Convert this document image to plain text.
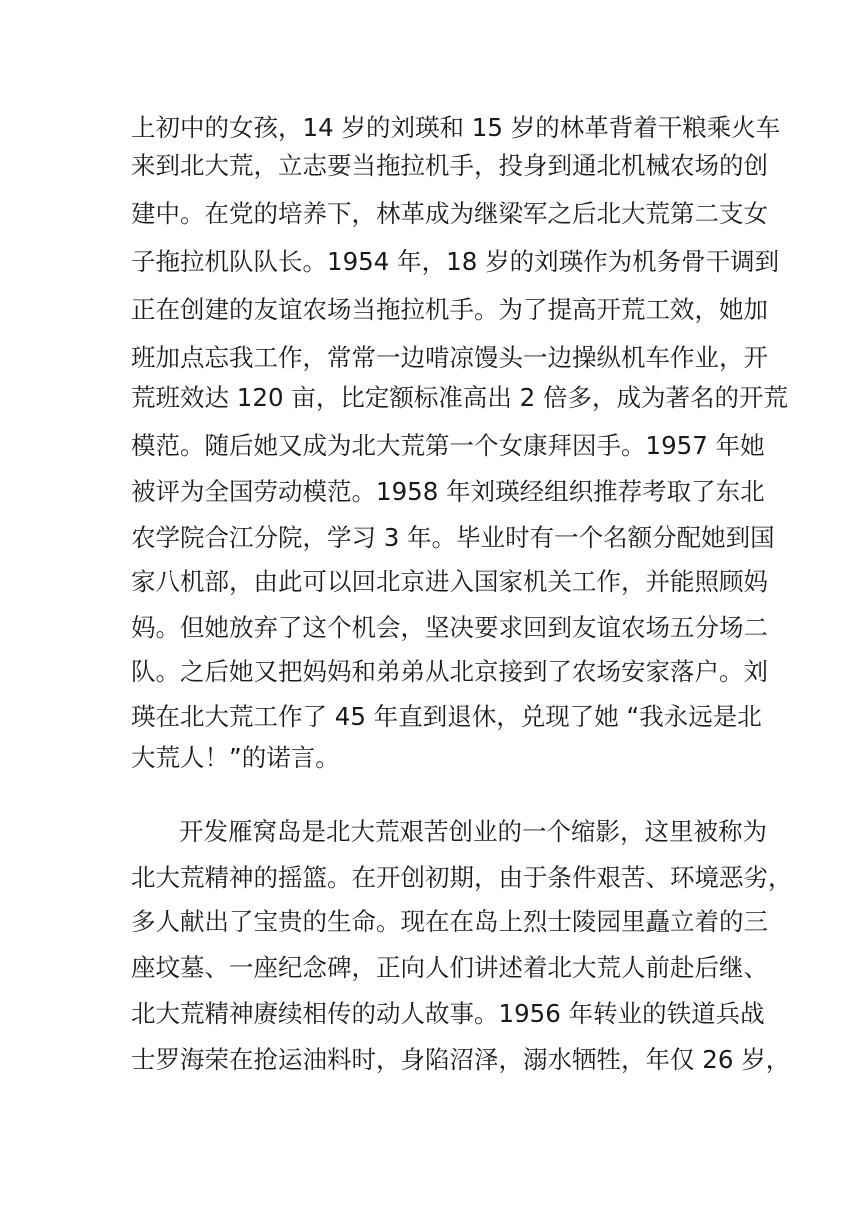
上初中的女孩，14 岁的刘瑛和 15 岁的林革背着干粮乘火车
来到北大荒，立志要当拖拉机手，投身到通北机械农场的创
建中。在党的培养下，林革成为继梁军之后北大荒第二支女
子拖拉机队队长。1954 年，18 岁的刘瑛作为机务骨干调到
正在创建的友谊农场当拖拉机手。为了提高开荒工效，她加
班加点忘我工作，常常一边啃凉馒头一边操纵机车作业，开
荒班效达 120 亩，比定额标准高出 2 倍多，成为著名的开荒
模范。随后她又成为北大荒第一个女康拜因手。1957 年她
被评为全国劳动模范。1958 年刘瑛经组织推荐考取了东北
农学院合江分院，学习 3 年。毕业时有一个名额分配她到国
家八机部，由此可以回北京进入国家机关工作，并能照顾妈
妈。但她放弃了这个机会，坚决要求回到友谊农场五分场二
队。之后她又把妈妈和弟弟从北京接到了农场安家落户。刘
瑛在北大荒工作了 45 年直到退休，兑现了她 “我永远是北
大荒人！”的诺言。
开发雁窝岛是北大荒艰苦创业的一个缩影，这里被称为
北大荒精神的摇篮。在开创初期，由于条件艰苦、环境恶劣，
多人献出了宝贵的生命。现在在岛上烈士陵园里矗立着的三
座坟墓、一座纪念碑，正向人们讲述着北大荒人前赴后继、
北大荒精神赓续相传的动人故事。1956 年转业的铁道兵战
士罗海荣在抢运油料时，身陷沼泽，溺水牺牲，年仅 26 岁，
